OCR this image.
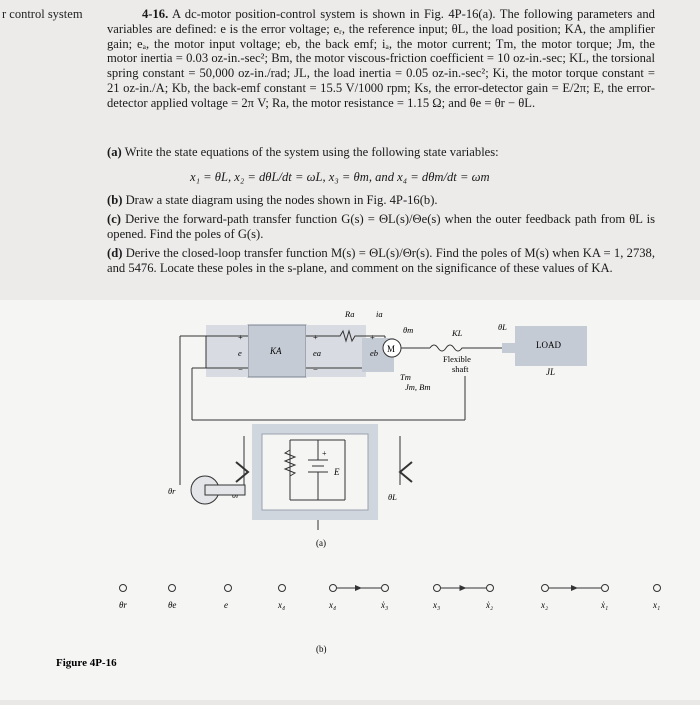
r control system	4-16. A dc-motor position-control system is shown in Fig. 4P-16(a). The following parameters and variables are defined: e is the error voltage; eᵣ, the reference input; θL, the load position; KA, the amplifier gain; eₐ, the motor input voltage; eb, the back emf; iₐ, the motor current; Tm, the motor torque; Jm, the motor inertia = 0.03 oz-in.-sec²; Bm, the motor viscous-friction coefficient = 10 oz-in.-sec; KL, the torsional spring constant = 50,000 oz-in./rad; JL, the load inertia = 0.05 oz-in.-sec²; Ki, the motor torque constant = 21 oz-in./A; Kb, the back-emf constant = 15.5 V/1000 rpm; Ks, the error-detector gain = E/2π; E, the error-detector applied voltage = 2π V; Ra, the motor resistance = 1.15 Ω; and θe = θr − θL.
(a) Write the state equations of the system using the following state variables:
x₁ = θL, x₂ = dθL/dt = ωL, x₃ = θm, and x₄ = dθm/dt = ωm
(b) Draw a state diagram using the nodes shown in Fig. 4P-16(b).
(c) Derive the forward-path transfer function G(s) = ΘL(s)/Θe(s) when the outer feedback path from θL is opened. Find the poles of G(s).
(d) Derive the closed-loop transfer function M(s) = ΘL(s)/Θr(s). Find the poles of M(s) when KA = 1, 2738, and 5476. Locate these poles in the s-plane, and comment on the significance of these values of KA.
KA	M	LOAD
JL
Ra	ia
θm	θL
KL
Flexible
shaft
eb
ea
e
+
−
+
−
+
Tm
Jm, Bm
+
E
θL
θr
(a)
(b)
θr	θe	e	x₄	x₄	ẋ₃	x₃	ẋ₂	x₂	ẋ₁	x₁
Figure 4P-16
